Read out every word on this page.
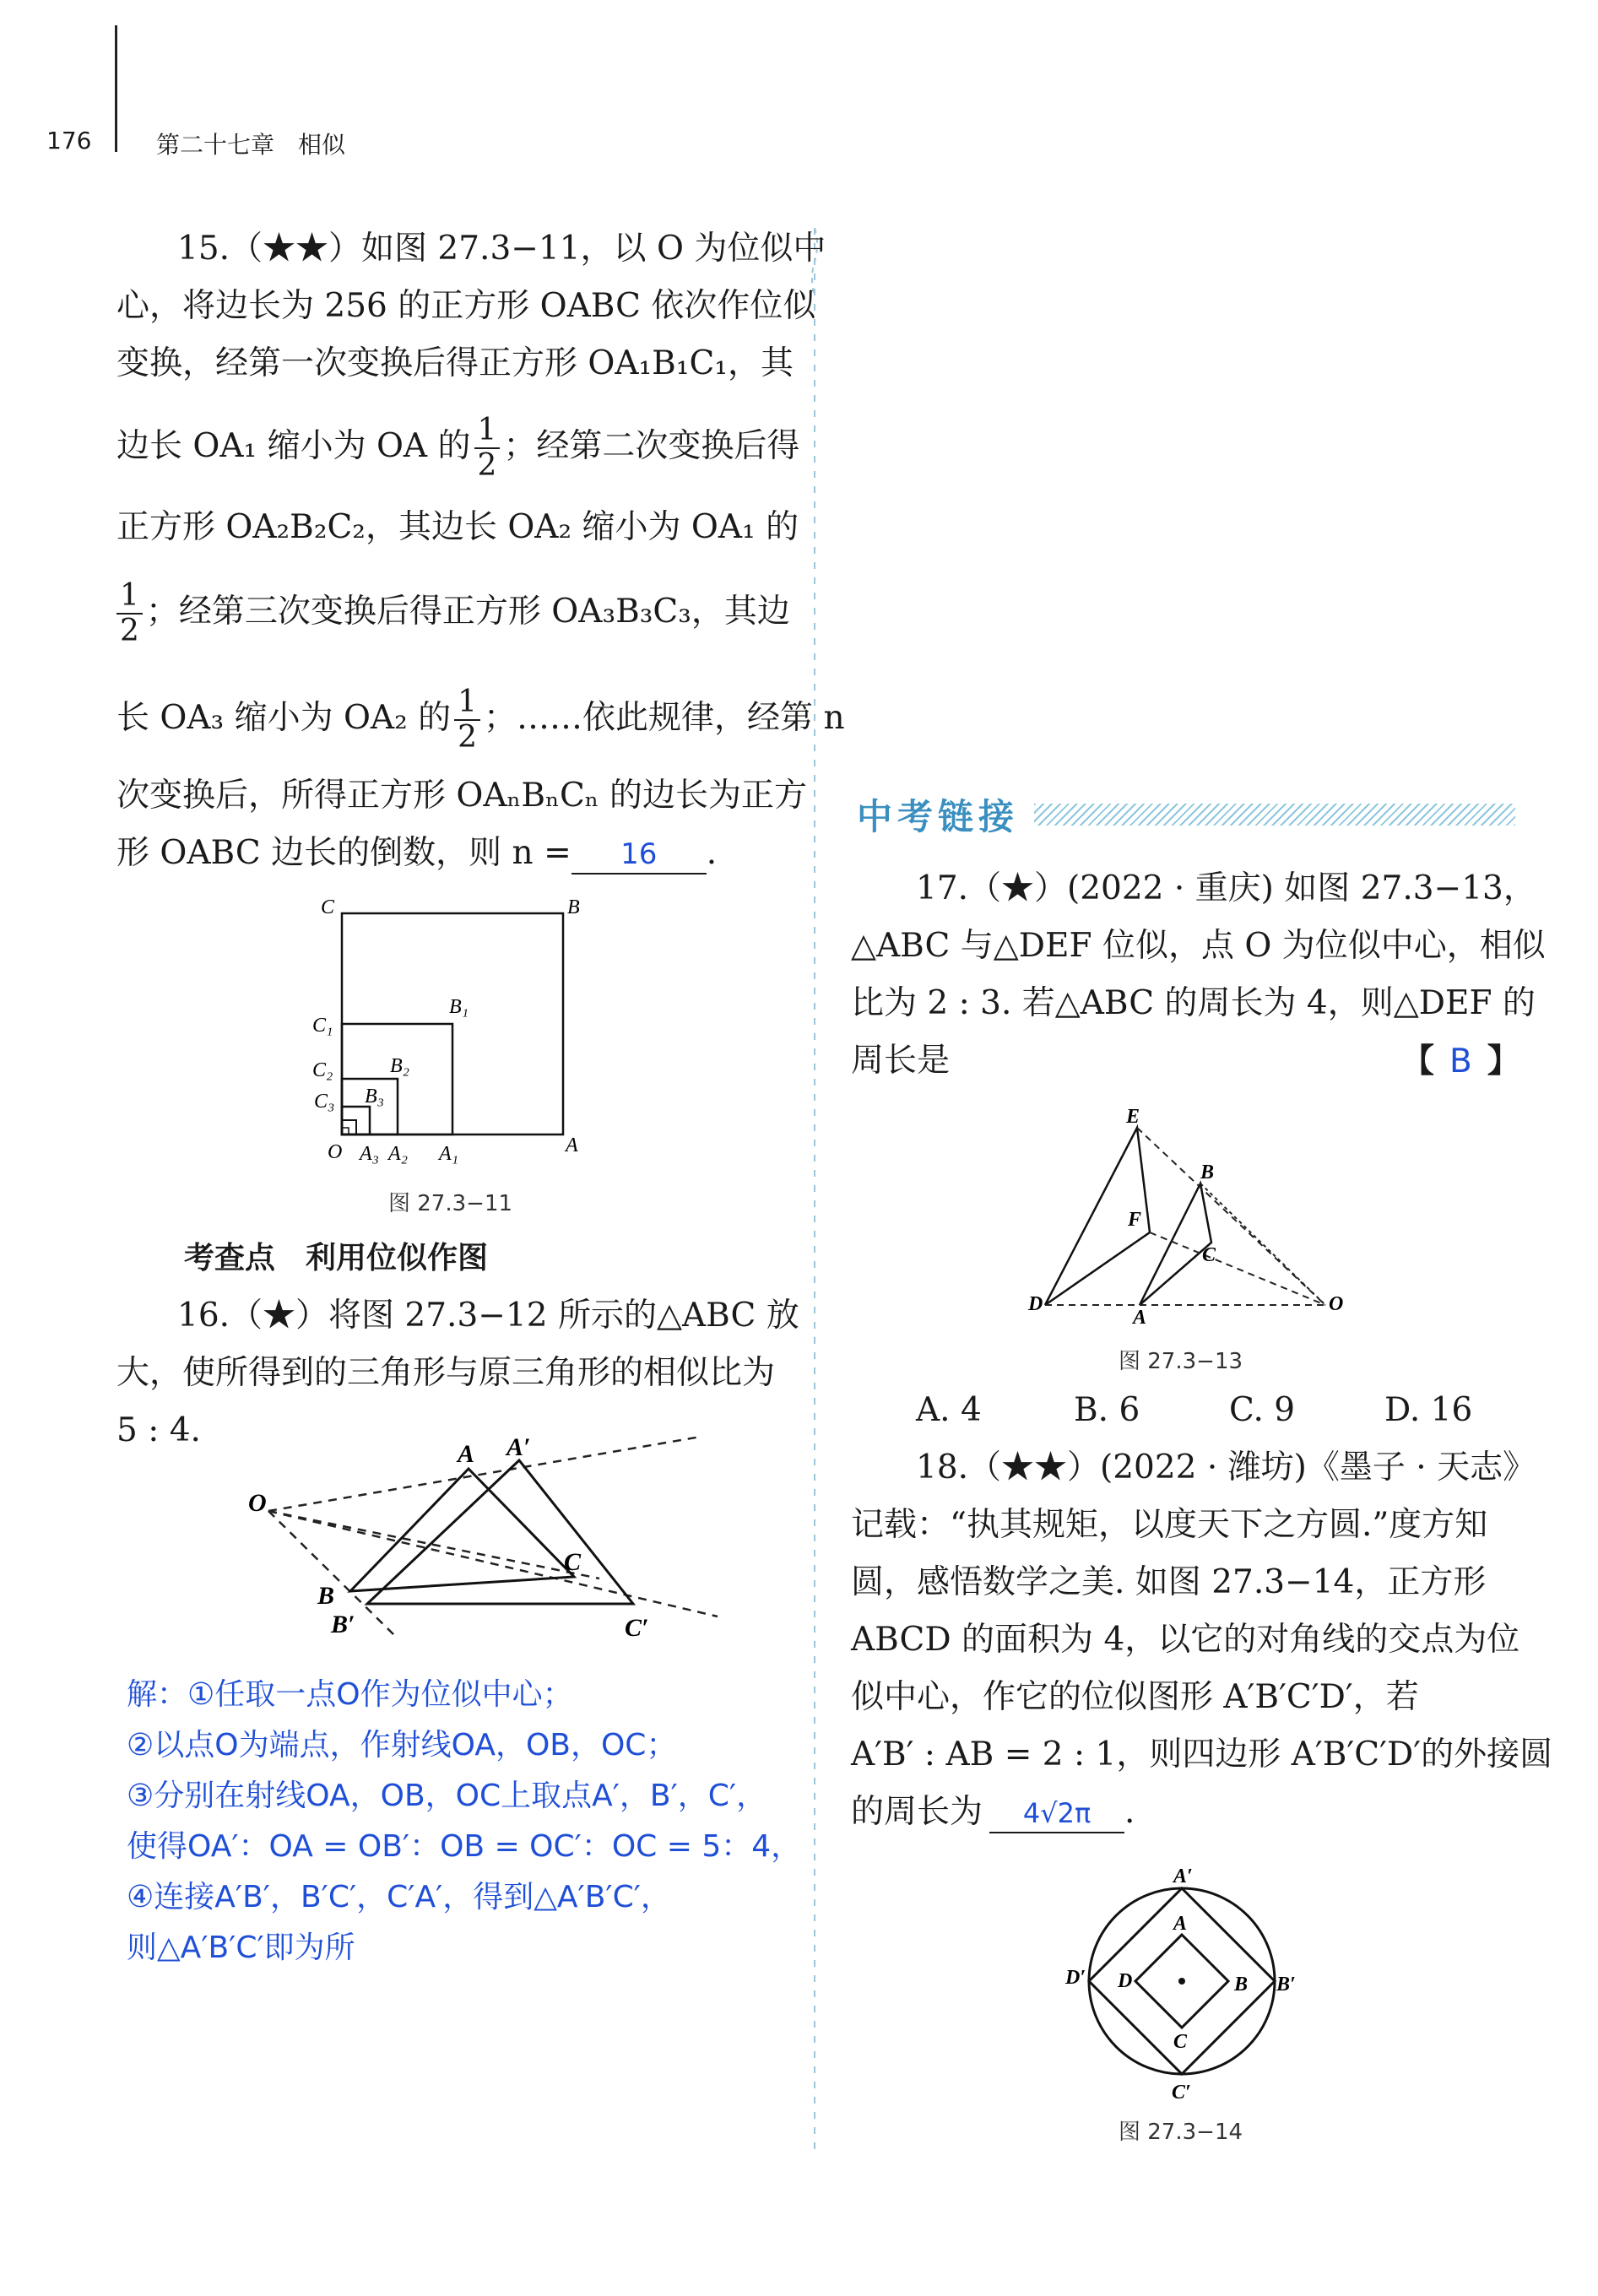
176	第二十七章　相似
15.（★★）如图 27.3−11，以 O 为位似中
心，将边长为 256 的正方形 OABC 依次作位似
变换，经第一次变换后得正方形 OA₁B₁C₁，其
边长 OA₁ 缩小为 OA 的 $\frac{1}{2}$ ；经第二次变换后得
正方形 OA₂B₂C₂，其边长 OA₂ 缩小为 OA₁ 的
$\frac{1}{2}$ ；经第三次变换后得正方形 OA₃B₃C₃，其边
长 OA₃ 缩小为 OA₂ 的 $\frac{1}{2}$ ；……依此规律，经第 n
次变换后，所得正方形 OAₙBₙCₙ 的边长为正方
形 OABC 边长的倒数，则 n = 16 .
C	B
B₁
C₁
C₂	B₂
C₃ B₃
O A₃ A₂ A₁	A
图 27.3−11
考查点　利用位似作图
16.（★）将图 27.3−12 所示的△ABC 放
大，使所得到的三角形与原三角形的相似比为
5 : 4.
O
A A′
C
B
B′	C′
解：①任取一点O作为位似中心；
②以点O为端点，作射线OA，OB，OC；
③分别在射线OA，OB，OC上取点A′，B′，C′，
使得OA′：OA = OB′：OB = OC′：OC = 5：4，
④连接A′B′，B′C′，C′A′，得到△A′B′C′，
则△A′B′C′即为所
中考链接
17.（★）(2022 · 重庆) 如图 27.3−13，
△ABC 与△DEF 位似，点 O 为位似中心，相似
比为 2 : 3. 若△ABC 的周长为 4，则△DEF 的
周长是	【 B 】
E
B
F
C
D
A
O
图 27.3−13
A. 4	B. 6	C. 9	D. 16
18.（★★）(2022 · 潍坊)《墨子 · 天志》
记载：“执其规矩，以度天下之方圆.”度方知
圆，感悟数学之美. 如图 27.3−14，正方形
ABCD 的面积为 4，以它的对角线的交点为位
似中心，作它的位似图形 A′B′C′D′，若
A′B′ : AB = 2 : 1，则四边形 A′B′C′D′的外接圆
的周长为 4√2π .
A′
A
D′ D	B B′
C
C′
图 27.3−14
